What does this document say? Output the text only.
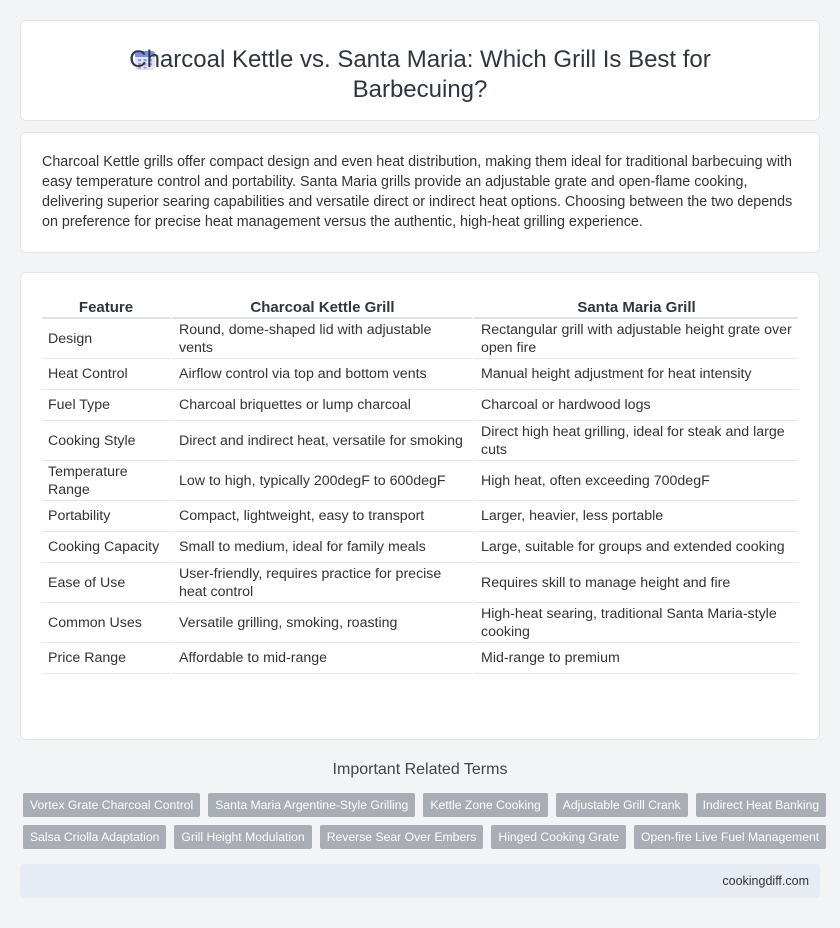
Charcoal Kettle vs. Santa Maria: Which Grill Is Best for Barbecuing?

Charcoal Kettle grills offer compact design and even heat distribution, making them ideal for traditional barbecuing with easy temperature control and portability. Santa Maria grills provide an adjustable grate and open-flame cooking, delivering superior searing capabilities and versatile direct or indirect heat options. Choosing between the two depends on preference for precise heat management versus the authentic, high-heat grilling experience.

Feature	Charcoal Kettle Grill	Santa Maria Grill
Design	Round, dome-shaped lid with adjustable vents	Rectangular grill with adjustable height grate over open fire
Heat Control	Airflow control via top and bottom vents	Manual height adjustment for heat intensity
Fuel Type	Charcoal briquettes or lump charcoal	Charcoal or hardwood logs
Cooking Style	Direct and indirect heat, versatile for smoking	Direct high heat grilling, ideal for steak and large cuts
Temperature Range	Low to high, typically 200degF to 600degF	High heat, often exceeding 700degF
Portability	Compact, lightweight, easy to transport	Larger, heavier, less portable
Cooking Capacity	Small to medium, ideal for family meals	Large, suitable for groups and extended cooking
Ease of Use	User-friendly, requires practice for precise heat control	Requires skill to manage height and fire
Common Uses	Versatile grilling, smoking, roasting	High-heat searing, traditional Santa Maria-style cooking
Price Range	Affordable to mid-range	Mid-range to premium
Important Related Terms
Vortex Grate Charcoal Control	Santa Maria Argentine-Style Grilling	Kettle Zone Cooking	Adjustable Grill Crank	Indirect Heat Banking
Salsa Criolla Adaptation	Grill Height Modulation	Reverse Sear Over Embers	Hinged Cooking Grate	Open-fire Live Fuel Management
cookingdiff.com
